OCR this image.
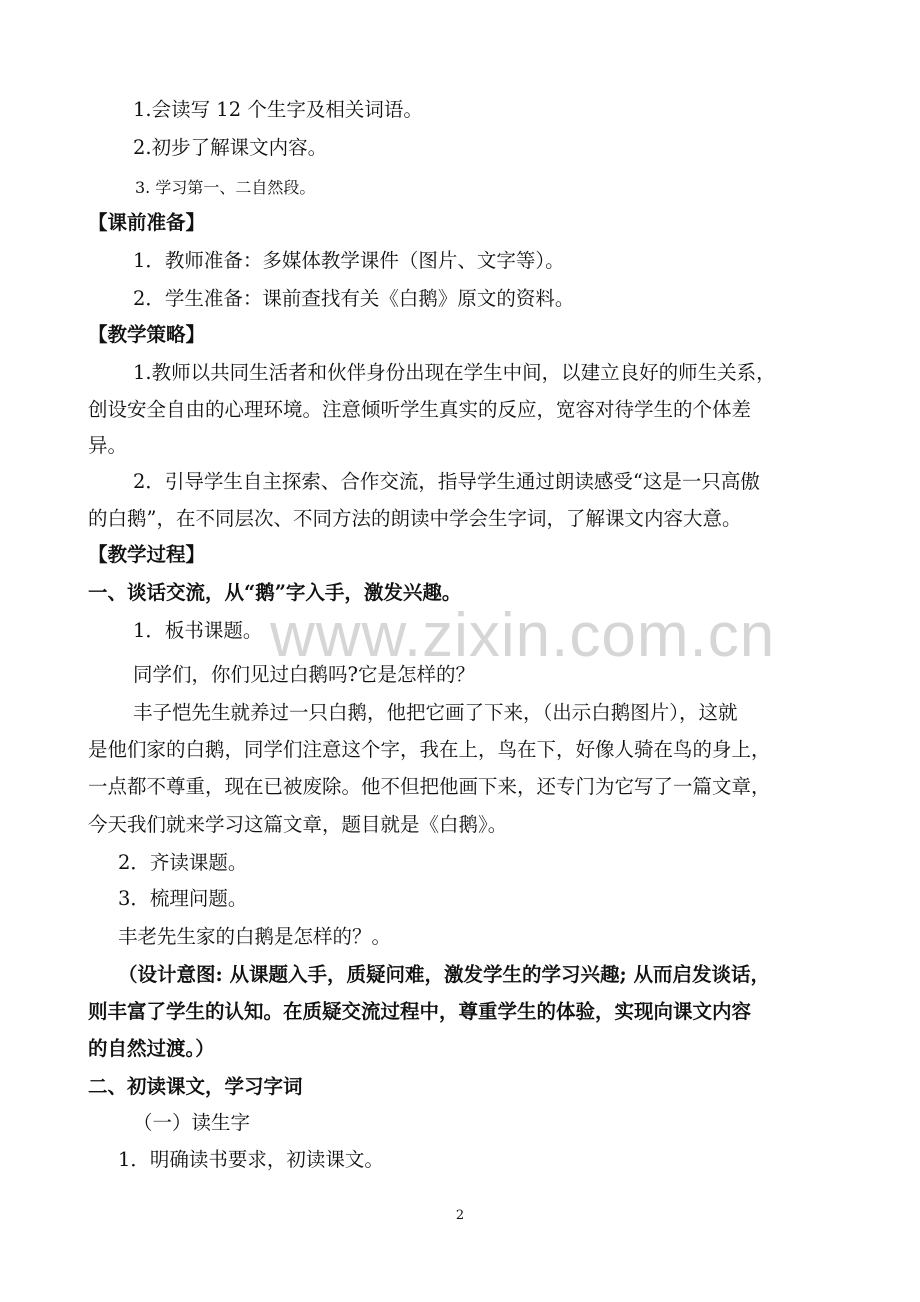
1.会读写 12 个生字及相关词语。
2.初步了解课文内容。
3. 学习第一、二自然段。
【课前准备】
1．教师准备：多媒体教学课件（图片、文字等）。
2．学生准备：课前查找有关《白鹅》原文的资料。
【教学策略】
1.教师以共同生活者和伙伴身份出现在学生中间，以建立良好的师生关系，
创设安全自由的心理环境。注意倾听学生真实的反应，宽容对待学生的个体差
异。
2．引导学生自主探索、合作交流，指导学生通过朗读感受“这是一只高傲
的白鹅”，在不同层次、不同方法的朗读中学会生字词，了解课文内容大意。
【教学过程】
一、谈话交流，从“鹅”字入手，激发兴趣。
1．板书课题。
同学们，你们见过白鹅吗?它是怎样的？
丰子恺先生就养过一只白鹅，他把它画了下来，（出示白鹅图片），这就
是他们家的白鹅，同学们注意这个字，我在上，鸟在下，好像人骑在鸟的身上，
一点都不尊重，现在已被废除。他不但把他画下来，还专门为它写了一篇文章，
今天我们就来学习这篇文章，题目就是《白鹅》。
2．齐读课题。
3．梳理问题。
丰老先生家的白鹅是怎样的？。
（设计意图: 从课题入手，质疑问难，激发学生的学习兴趣; 从而启发谈话，
则丰富了学生的认知。在质疑交流过程中，尊重学生的体验，实现向课文内容
的自然过渡。）
二、初读课文，学习字词
（一）读生字
1．明确读书要求，初读课文。
www.zixin.com.cn
2
